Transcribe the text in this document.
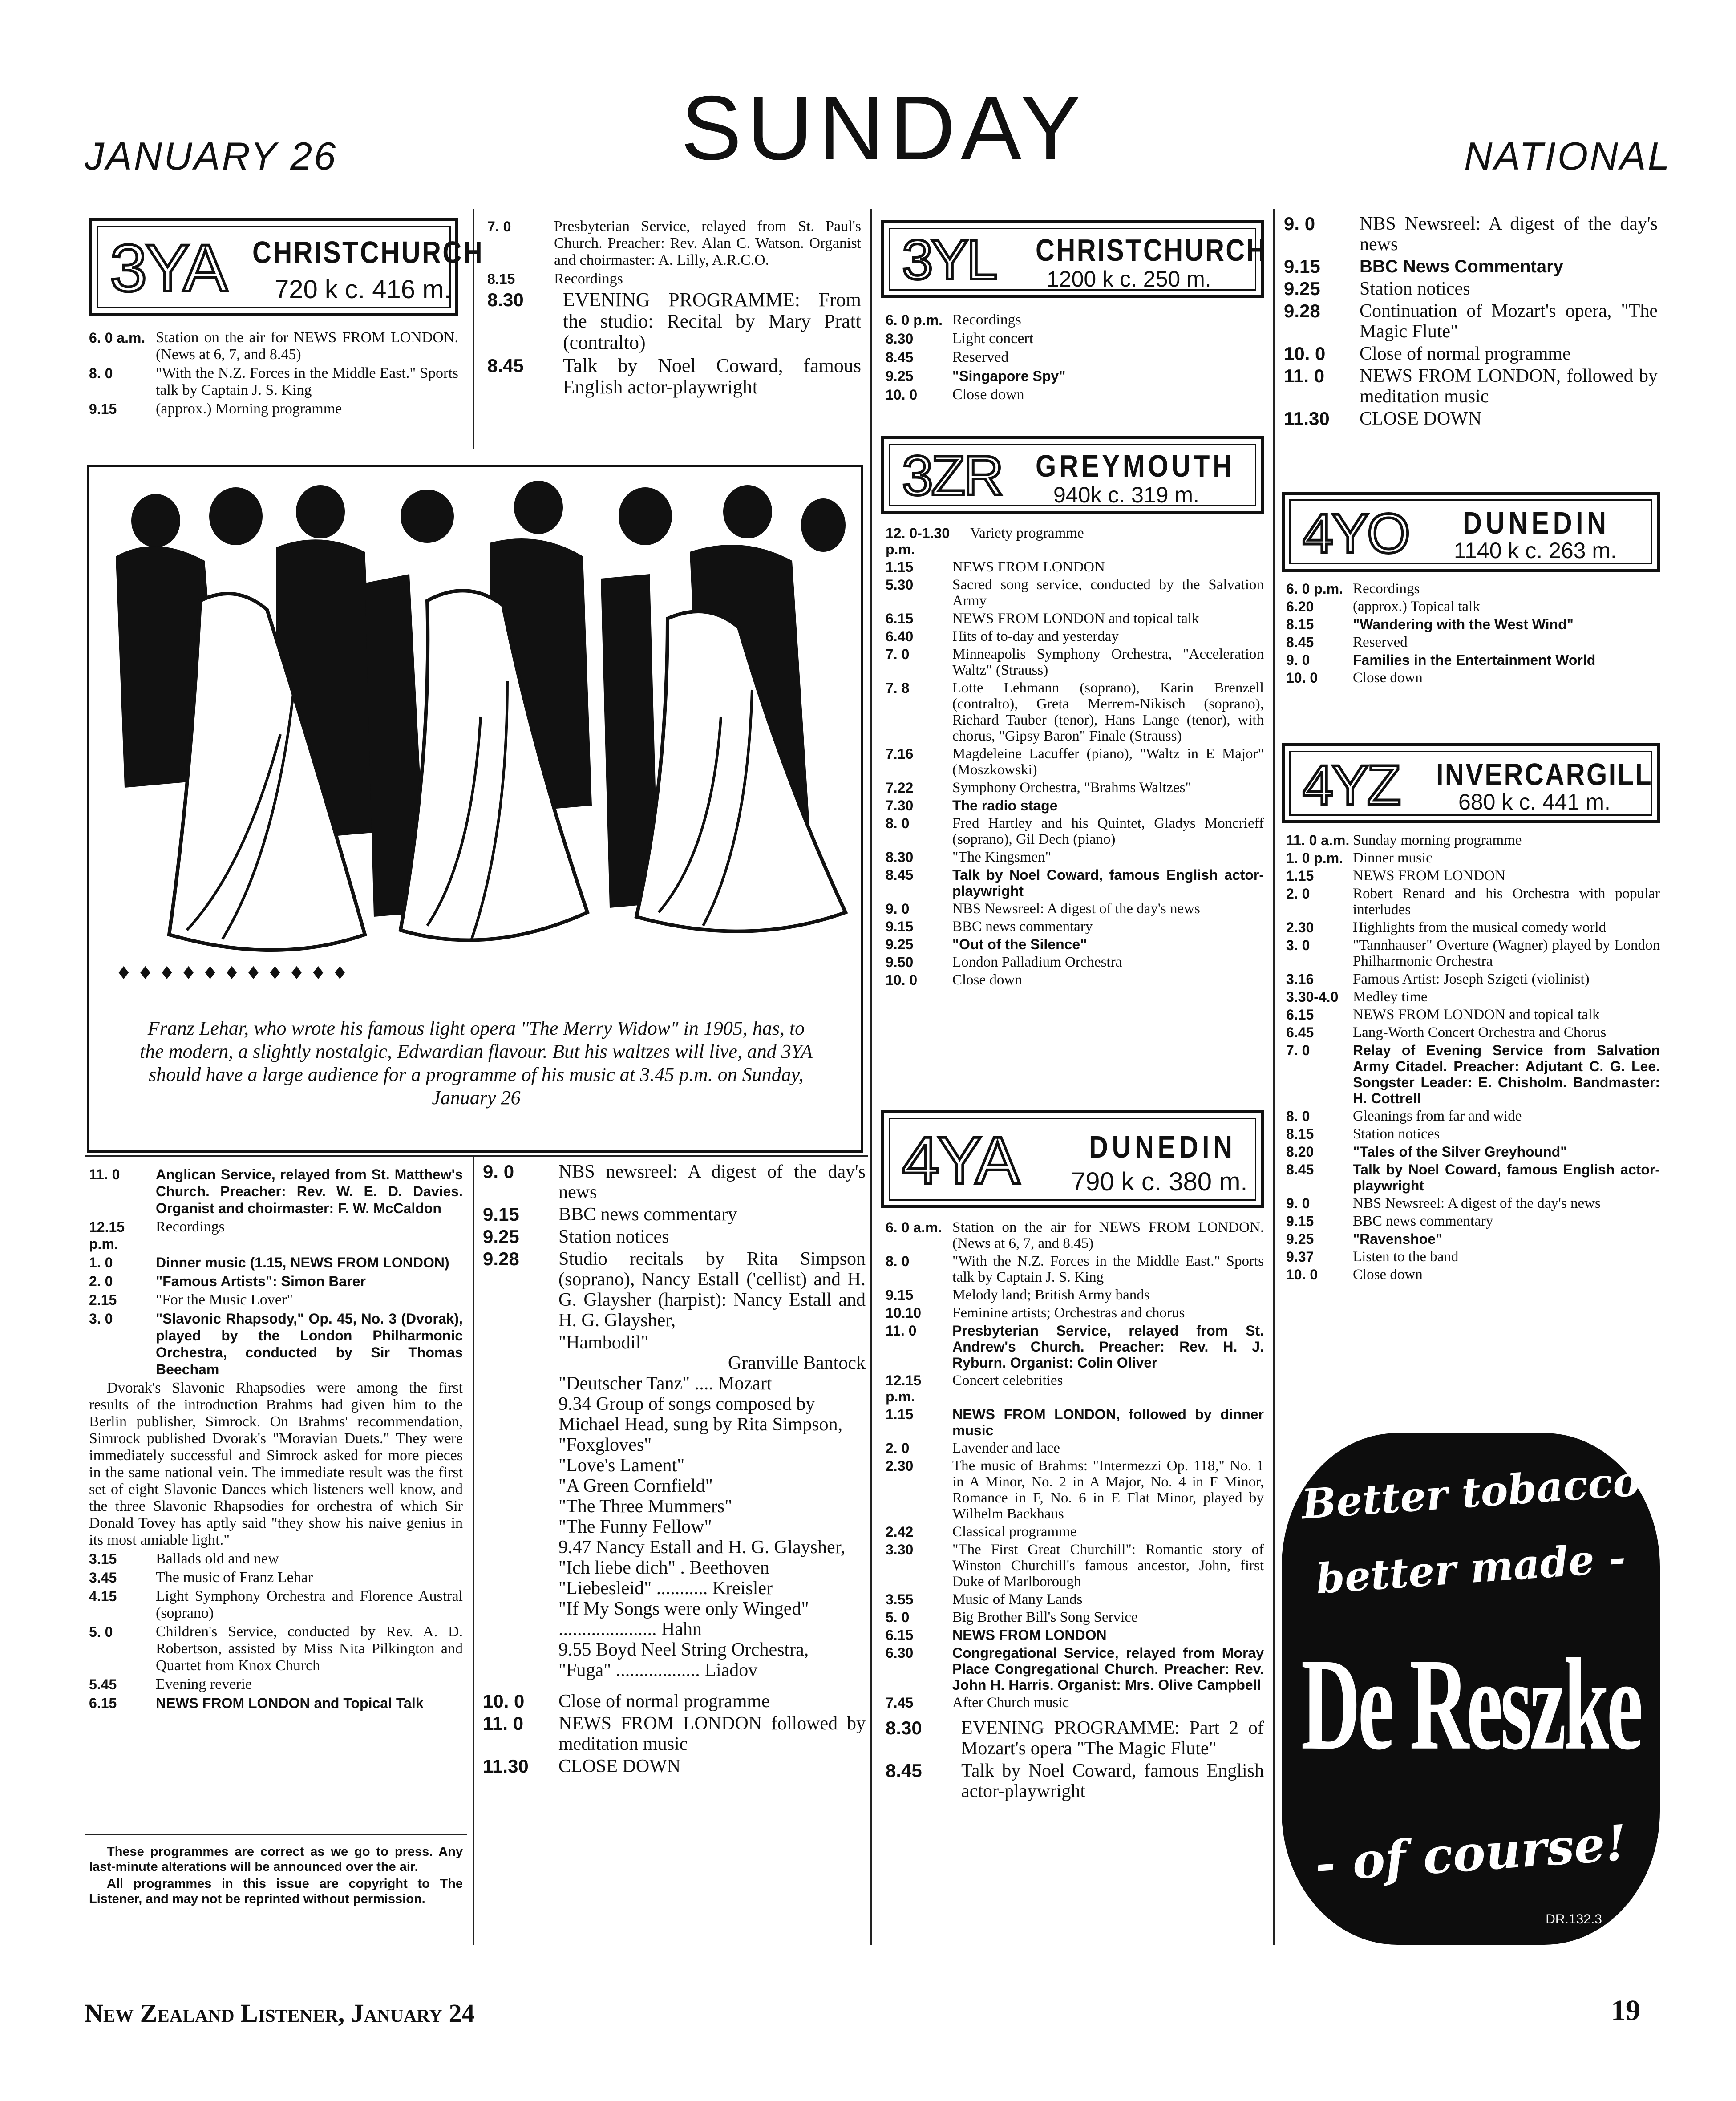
JANUARY 26	SUNDAY	NATIONAL
3YA CHRISTCHURCH
720 k c. 416 m.
6. 0 a.m. Station on the air for NEWS FROM LONDON. (News at 6, 7, and 8.45)
8. 0	"With the N.Z. Forces in the Middle East." Sports talk by Captain J. S. King
9.15	(approx.) Morning programme
7. 0	Presbyterian Service, relayed from St. Paul's Church. Preacher: Rev. Alan C. Watson. Organist and choirmaster: A. Lilly, A.R.C.O.
8.15	Recordings
8.30	EVENING PROGRAMME: From the studio: Recital by Mary Pratt (contralto)
8.45	Talk by Noel Coward, famous English actor-playwright
♦ ♦ ♦ ♦ ♦ ♦ ♦ ♦ ♦ ♦ ♦
Franz Lehar, who wrote his famous light opera "The Merry Widow" in 1905, has, to the modern, a slightly nostalgic, Edwardian flavour. But his waltzes will live, and 3YA should have a large audience for a programme of his music at 3.45 p.m. on Sunday, January 26
11. 0	Anglican Service, relayed from St. Matthew's Church. Preacher: Rev. W. E. D. Davies. Organist and choirmaster: F. W. McCaldon
12.15 p.m.
Recordings
1. 0	Dinner music (1.15, NEWS FROM LONDON)
2. 0	"Famous Artists": Simon Barer
2.15	"For the Music Lover"
3. 0	"Slavonic Rhapsody," Op. 45, No. 3 (Dvorak), played by the London Philharmonic Orchestra, conducted by Sir Thomas Beecham
Dvorak's Slavonic Rhapsodies were among the first results of the introduction Brahms had given him to the Berlin publisher, Simrock. On Brahms' recommendation, Simrock published Dvorak's "Moravian Duets." They were immediately successful and Simrock asked for more pieces in the same national vein. The immediate result was the first set of eight Slavonic Dances which listeners well know, and the three Slavonic Rhapsodies for orchestra of which Sir Donald Tovey has aptly said "they show his naive genius in its most amiable light."
3.15	Ballads old and new
3.45	The music of Franz Lehar
4.15	Light Symphony Orchestra and Florence Austral (soprano)
5. 0	Children's Service, conducted by Rev. A. D. Robertson, assisted by Miss Nita Pilkington and Quartet from Knox Church
5.45	Evening reverie
6.15	NEWS FROM LONDON and Topical Talk
These programmes are correct as we go to press. Any last-minute alterations will be announced over the air.
All programmes in this issue are copyright to The Listener, and may not be reprinted without permission.
9. 0	NBS newsreel: A digest of the day's news
9.15	BBC news commentary
9.25	Station notices
9.28	Studio recitals by Rita Simpson (soprano), Nancy Estall ('cellist) and H. G. Glaysher (harpist): Nancy Estall and H. G. Glaysher,
"Hambodil"
Granville Bantock
"Deutscher Tanz" .... Mozart
9.34 Group of songs composed by Michael Head, sung by Rita Simpson,
"Foxgloves"
"Love's Lament"
"A Green Cornfield"
"The Three Mummers"
"The Funny Fellow"
9.47 Nancy Estall and H. G. Glaysher,
"Ich liebe dich" . Beethoven
"Liebesleid" ........... Kreisler
"If My Songs were only Winged" ..................... Hahn
9.55 Boyd Neel String Orchestra,
"Fuga" .................. Liadov
10. 0	Close of normal programme
11. 0	NEWS FROM LONDON followed by meditation music
11.30	CLOSE DOWN
3YL CHRISTCHURCH
1200 k c. 250 m.
6. 0 p.m. Recordings
8.30	Light concert
8.45	Reserved
9.25	"Singapore Spy"
10. 0	Close down
3ZR GREYMOUTH
940k c. 319 m.
12. 0-1.30 p.m.
Variety programme
1.15	NEWS FROM LONDON
5.30	Sacred song service, conducted by the Salvation Army
6.15	NEWS FROM LONDON and topical talk
6.40	Hits of to-day and yesterday
7. 0	Minneapolis Symphony Orchestra, "Acceleration Waltz" (Strauss)
7. 8	Lotte Lehmann (soprano), Karin Brenzell (contralto), Greta Merrem-Nikisch (soprano), Richard Tauber (tenor), Hans Lange (tenor), with chorus, "Gipsy Baron" Finale (Strauss)
7.16	Magdeleine Lacuffer (piano), "Waltz in E Major" (Moszkowski)
7.22	Symphony Orchestra, "Brahms Waltzes"
7.30	The radio stage
8. 0	Fred Hartley and his Quintet, Gladys Moncrieff (soprano), Gil Dech (piano)
8.30	"The Kingsmen"
8.45	Talk by Noel Coward, famous English actor-playwright
9. 0	NBS Newsreel: A digest of the day's news
9.15	BBC news commentary
9.25	"Out of the Silence"
9.50	London Palladium Orchestra
10. 0	Close down
4YA DUNEDIN
790 k c. 380 m.
6. 0 a.m. Station on the air for NEWS FROM LONDON. (News at 6, 7, and 8.45)
8. 0	"With the N.Z. Forces in the Middle East." Sports talk by Captain J. S. King
9.15	Melody land; British Army bands
10.10	Feminine artists; Orchestras and chorus
11. 0	Presbyterian Service, relayed from St. Andrew's Church. Preacher: Rev. H. J. Ryburn. Organist: Colin Oliver
12.15 p.m.
Concert celebrities
1.15	NEWS FROM LONDON, followed by dinner music
2. 0	Lavender and lace
2.30	The music of Brahms: "Intermezzi Op. 118," No. 1 in A Minor, No. 2 in A Major, No. 4 in F Minor, Romance in F, No. 6 in E Flat Minor, played by Wilhelm Backhaus
2.42	Classical programme
3.30	"The First Great Churchill": Romantic story of Winston Churchill's famous ancestor, John, first Duke of Marlborough
3.55	Music of Many Lands
5. 0	Big Brother Bill's Song Service
6.15	NEWS FROM LONDON
6.30	Congregational Service, relayed from Moray Place Congregational Church. Preacher: Rev. John H. Harris. Organist: Mrs. Olive Campbell
7.45	After Church music
8.30	EVENING PROGRAMME: Part 2 of Mozart's opera "The Magic Flute"
8.45	Talk by Noel Coward, famous English actor-playwright
9. 0	NBS Newsreel: A digest of the day's news
9.15	BBC News Commentary
9.25	Station notices
9.28	Continuation of Mozart's opera, "The Magic Flute"
10. 0	Close of normal programme
11. 0	NEWS FROM LONDON, followed by meditation music
11.30	CLOSE DOWN
4YO DUNEDIN
1140 k c. 263 m.
6. 0 p.m. Recordings
6.20	(approx.) Topical talk
8.15	"Wandering with the West Wind"
8.45	Reserved
9. 0	Families in the Entertainment World
10. 0	Close down
4YZ INVERCARGILL
680 k c. 441 m.
11. 0 a.m. Sunday morning programme
1. 0 p.m. Dinner music
1.15	NEWS FROM LONDON
2. 0	Robert Renard and his Orchestra with popular interludes
2.30	Highlights from the musical comedy world
3. 0	"Tannhauser" Overture (Wagner) played by London Philharmonic Orchestra
3.16	Famous Artist: Joseph Szigeti (violinist)
3.30-4.0 Medley time
6.15	NEWS FROM LONDON and topical talk
6.45	Lang-Worth Concert Orchestra and Chorus
7. 0	Relay of Evening Service from Salvation Army Citadel. Preacher: Adjutant C. G. Lee. Songster Leader: E. Chisholm. Bandmaster: H. Cottrell
8. 0	Gleanings from far and wide
8.15	Station notices
8.20	"Tales of the Silver Greyhound"
8.45	Talk by Noel Coward, famous English actor-playwright
9. 0	NBS Newsreel: A digest of the day's news
9.15	BBC news commentary
9.25	"Ravenshoe"
9.37	Listen to the band
10. 0	Close down
Better tobacco
better made -
De Reszke
- of course!
DR.132.3
New Zealand Listener, January 24	19
